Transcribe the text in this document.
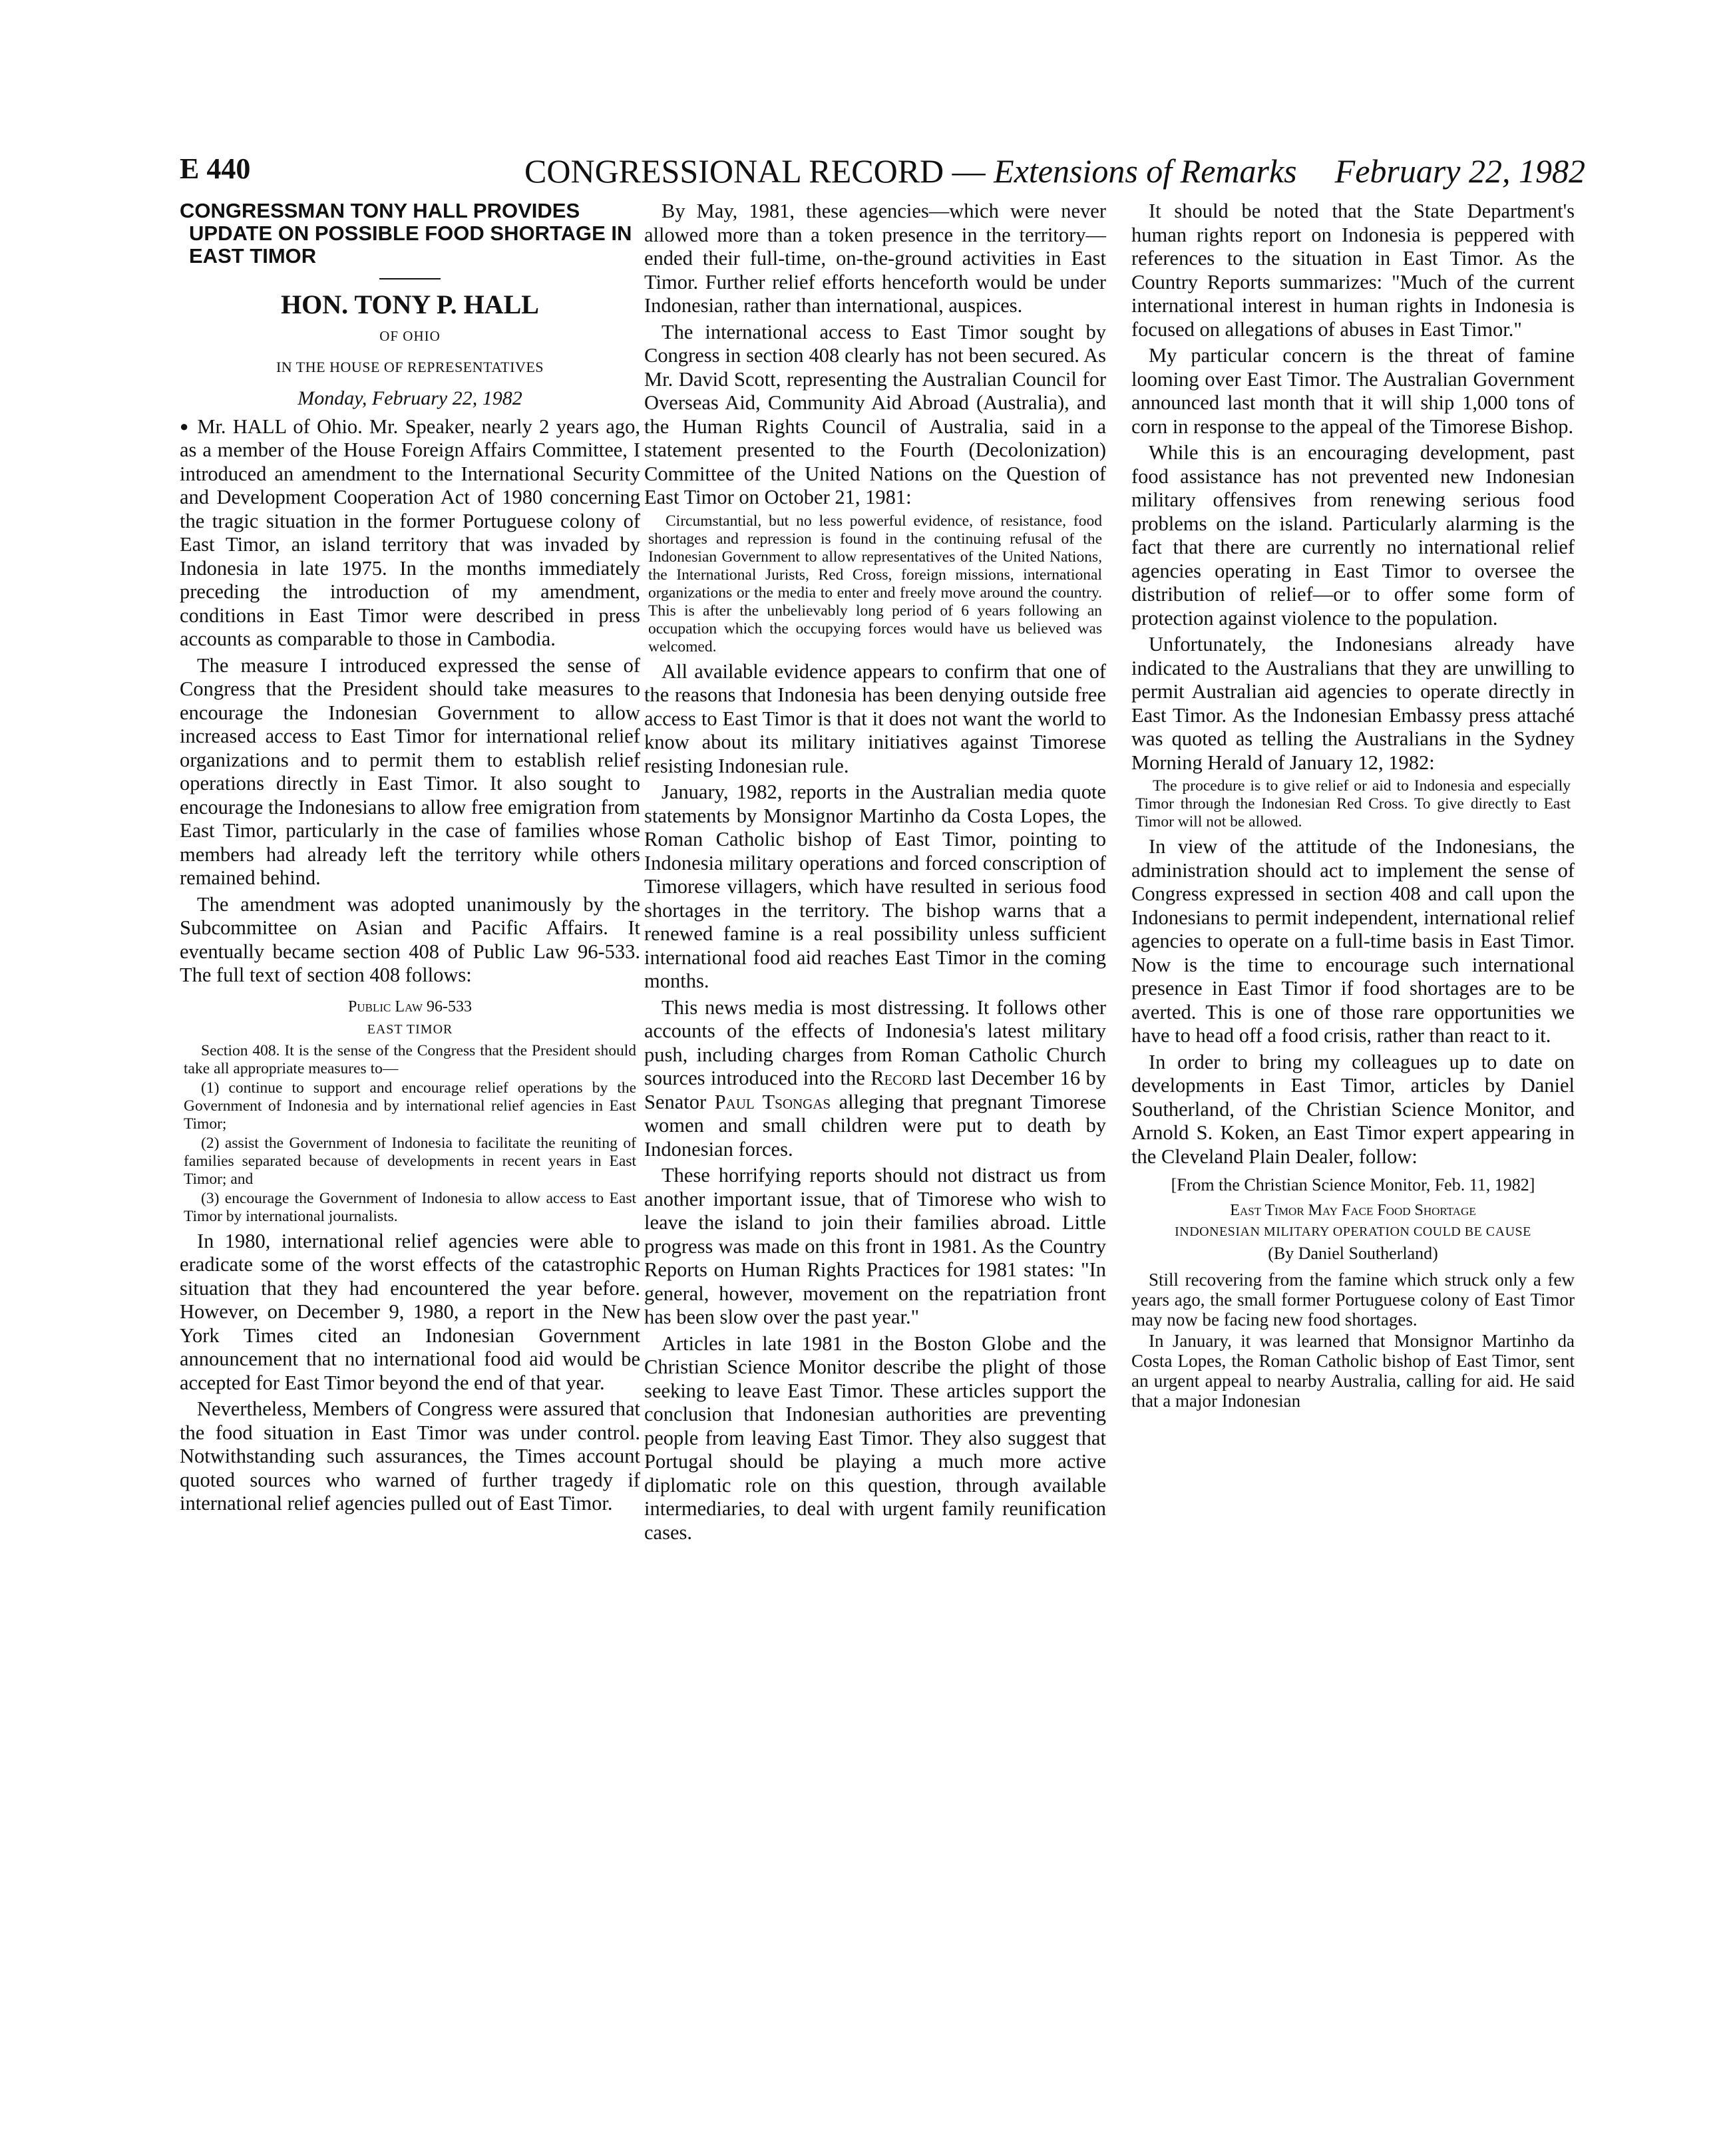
E 440	CONGRESSIONAL RECORD — Extensions of Remarks February 22, 1982
CONGRESSMAN TONY HALL PROVIDES UPDATE ON POSSIBLE FOOD SHORTAGE IN EAST TIMOR
HON. TONY P. HALL
OF OHIO
IN THE HOUSE OF REPRESENTATIVES
Monday, February 22, 1982

● Mr. HALL of Ohio. Mr. Speaker, nearly 2 years ago, as a member of the House Foreign Affairs Committee, I introduced an amendment to the International Security and Development Cooperation Act of 1980 concerning the tragic situation in the former Portuguese colony of East Timor, an island territory that was invaded by Indonesia in late 1975. In the months immediately preceding the introduction of my amendment, conditions in East Timor were described in press accounts as comparable to those in Cambodia.

The measure I introduced expressed the sense of Congress that the President should take measures to encourage the Indonesian Government to allow increased access to East Timor for international relief organizations and to permit them to establish relief operations directly in East Timor. It also sought to encourage the Indonesians to allow free emigration from East Timor, particularly in the case of families whose members had already left the territory while others remained behind.

The amendment was adopted unanimously by the Subcommittee on Asian and Pacific Affairs. It eventually became section 408 of Public Law 96-533. The full text of section 408 follows:

Public Law 96-533
EAST TIMOR

Section 408. It is the sense of the Congress that the President should take all appropriate measures to—

(1) continue to support and encourage relief operations by the Government of Indonesia and by international relief agencies in East Timor;

(2) assist the Government of Indonesia to facilitate the reuniting of families separated because of developments in recent years in East Timor; and

(3) encourage the Government of Indonesia to allow access to East Timor by international journalists.

In 1980, international relief agencies were able to eradicate some of the worst effects of the catastrophic situation that they had encountered the year before. However, on December 9, 1980, a report in the New York Times cited an Indonesian Government announcement that no international food aid would be accepted for East Timor beyond the end of that year.

Nevertheless, Members of Congress were assured that the food situation in East Timor was under control. Notwithstanding such assurances, the Times account quoted sources who warned of further tragedy if international relief agencies pulled out of East Timor.

By May, 1981, these agencies—which were never allowed more than a token presence in the territory—ended their full-time, on-the-ground activities in East Timor. Further relief efforts henceforth would be under Indonesian, rather than international, auspices.

The international access to East Timor sought by Congress in section 408 clearly has not been secured. As Mr. David Scott, representing the Australian Council for Overseas Aid, Community Aid Abroad (Australia), and the Human Rights Council of Australia, said in a statement presented to the Fourth (Decolonization) Committee of the United Nations on the Question of East Timor on October 21, 1981:

Circumstantial, but no less powerful evidence, of resistance, food shortages and repression is found in the continuing refusal of the Indonesian Government to allow representatives of the United Nations, the International Jurists, Red Cross, foreign missions, international organizations or the media to enter and freely move around the country. This is after the unbelievably long period of 6 years following an occupation which the occupying forces would have us believed was welcomed.

All available evidence appears to confirm that one of the reasons that Indonesia has been denying outside free access to East Timor is that it does not want the world to know about its military initiatives against Timorese resisting Indonesian rule.

January, 1982, reports in the Australian media quote statements by Monsignor Martinho da Costa Lopes, the Roman Catholic bishop of East Timor, pointing to Indonesia military operations and forced conscription of Timorese villagers, which have resulted in serious food shortages in the territory. The bishop warns that a renewed famine is a real possibility unless sufficient international food aid reaches East Timor in the coming months.

This news media is most distressing. It follows other accounts of the effects of Indonesia's latest military push, including charges from Roman Catholic Church sources introduced into the Record last December 16 by Senator Paul Tsongas alleging that pregnant Timorese women and small children were put to death by Indonesian forces.

These horrifying reports should not distract us from another important issue, that of Timorese who wish to leave the island to join their families abroad. Little progress was made on this front in 1981. As the Country Reports on Human Rights Practices for 1981 states: "In general, however, movement on the repatriation front has been slow over the past year."

Articles in late 1981 in the Boston Globe and the Christian Science Monitor describe the plight of those seeking to leave East Timor. These articles support the conclusion that Indonesian authorities are preventing people from leaving East Timor. They also suggest that Portugal should be playing a much more active diplomatic role on this question, through available intermediaries, to deal with urgent family reunification cases.

It should be noted that the State Department's human rights report on Indonesia is peppered with references to the situation in East Timor. As the Country Reports summarizes: "Much of the current international interest in human rights in Indonesia is focused on allegations of abuses in East Timor."

My particular concern is the threat of famine looming over East Timor. The Australian Government announced last month that it will ship 1,000 tons of corn in response to the appeal of the Timorese Bishop.

While this is an encouraging development, past food assistance has not prevented new Indonesian military offensives from renewing serious food problems on the island. Particularly alarming is the fact that there are currently no international relief agencies operating in East Timor to oversee the distribution of relief—or to offer some form of protection against violence to the population.

Unfortunately, the Indonesians already have indicated to the Australians that they are unwilling to permit Australian aid agencies to operate directly in East Timor. As the Indonesian Embassy press attaché was quoted as telling the Australians in the Sydney Morning Herald of January 12, 1982:

The procedure is to give relief or aid to Indonesia and especially Timor through the Indonesian Red Cross. To give directly to East Timor will not be allowed.

In view of the attitude of the Indonesians, the administration should act to implement the sense of Congress expressed in section 408 and call upon the Indonesians to permit independent, international relief agencies to operate on a full-time basis in East Timor. Now is the time to encourage such international presence in East Timor if food shortages are to be averted. This is one of those rare opportunities we have to head off a food crisis, rather than react to it.

In order to bring my colleagues up to date on developments in East Timor, articles by Daniel Southerland, of the Christian Science Monitor, and Arnold S. Koken, an East Timor expert appearing in the Cleveland Plain Dealer, follow:

[From the Christian Science Monitor, Feb. 11, 1982]
East Timor May Face Food Shortage
INDONESIAN MILITARY OPERATION COULD BE CAUSE
(By Daniel Southerland)

Still recovering from the famine which struck only a few years ago, the small former Portuguese colony of East Timor may now be facing new food shortages.

In January, it was learned that Monsignor Martinho da Costa Lopes, the Roman Catholic bishop of East Timor, sent an urgent appeal to nearby Australia, calling for aid. He said that a major Indonesian
